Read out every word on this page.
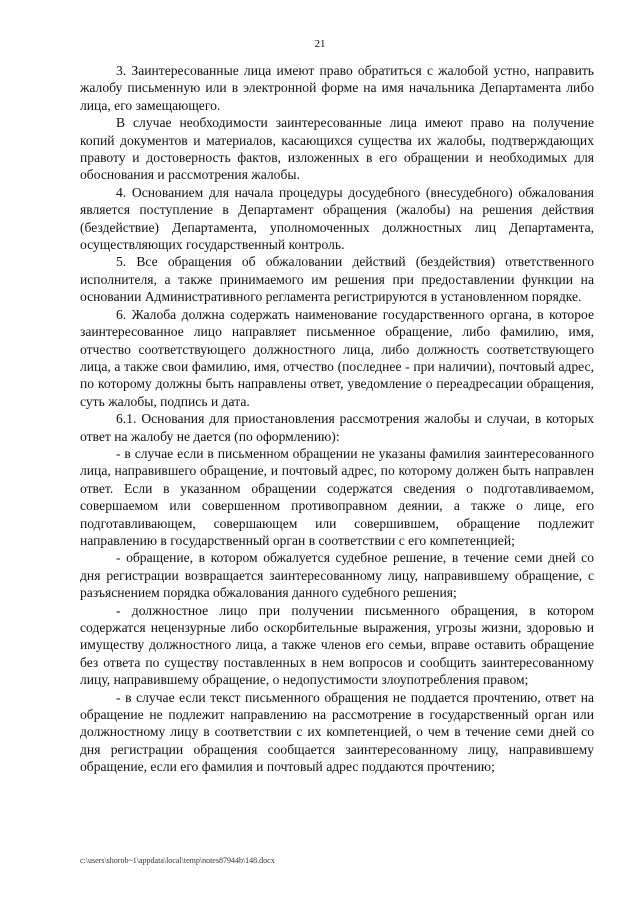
21

3. Заинтересованные лица имеют право обратиться с жалобой устно, направить жалобу письменную или в электронной форме на имя начальника Департамента либо лица, его замещающего.

В случае необходимости заинтересованные лица имеют право на получение копий документов и материалов, касающихся существа их жалобы, подтверждающих правоту и достоверность фактов, изложенных в его обращении и необходимых для обоснования и рассмотрения жалобы.

4. Основанием для начала процедуры досудебного (внесудебного) обжалования является поступление в Департамент обращения (жалобы) на решения действия (бездействие) Департамента, уполномоченных должностных лиц Департамента, осуществляющих государственный контроль.

5. Все обращения об обжаловании действий (бездействия) ответственного исполнителя, а также принимаемого им решения при предоставлении функции на основании Административного регламента регистрируются в установленном порядке.

6. Жалоба должна содержать наименование государственного органа, в которое заинтересованное лицо направляет письменное обращение, либо фамилию, имя, отчество соответствующего должностного лица, либо должность соответствующего лица, а также свои фамилию, имя, отчество (последнее - при наличии), почтовый адрес, по которому должны быть направлены ответ, уведомление о переадресации обращения, суть жалобы, подпись и дата.

6.1. Основания для приостановления рассмотрения жалобы и случаи, в которых ответ на жалобу не дается (по оформлению):

- в случае если в письменном обращении не указаны фамилия заинтересованного лица, направившего обращение, и почтовый адрес, по которому должен быть направлен ответ. Если в указанном обращении содержатся сведения о подготавливаемом, совершаемом или совершенном противоправном деянии, а также о лице, его подготавливающем, совершающем или совершившем, обращение подлежит направлению в государственный орган в соответствии с его компетенцией;

- обращение, в котором обжалуется судебное решение, в течение семи дней со дня регистрации возвращается заинтересованному лицу, направившему обращение, с разъяснением порядка обжалования данного судебного решения;

- должностное лицо при получении письменного обращения, в котором содержатся нецензурные либо оскорбительные выражения, угрозы жизни, здоровью и имуществу должностного лица, а также членов его семьи, вправе оставить обращение без ответа по существу поставленных в нем вопросов и сообщить заинтересованному лицу, направившему обращение, о недопустимости злоупотребления правом;

- в случае если текст письменного обращения не поддается прочтению, ответ на обращение не подлежит направлению на рассмотрение в государственный орган или должностному лицу в соответствии с их компетенцией, о чем в течение семи дней со дня регистрации обращения сообщается заинтересованному лицу, направившему обращение, если его фамилия и почтовый адрес поддаются прочтению;

c:\users\shorob~1\appdata\local\temp\notes87944b\148.docx
